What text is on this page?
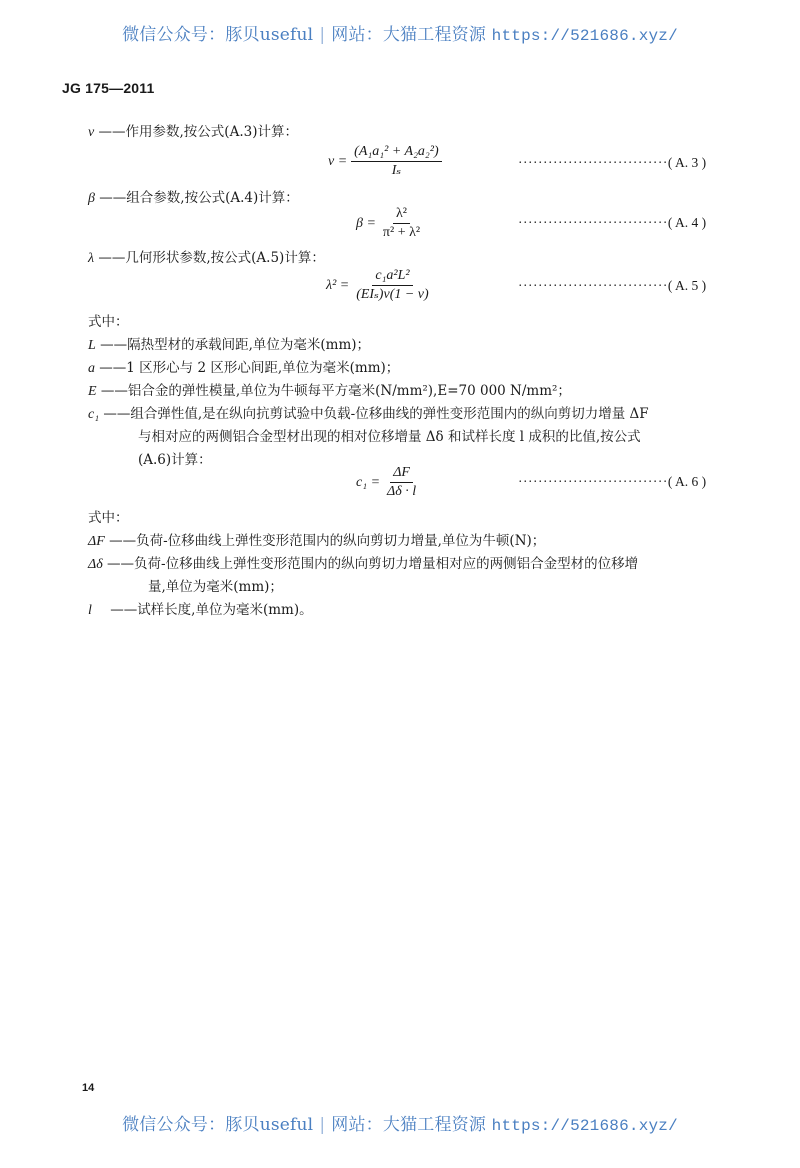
微信公众号：豚贝useful | 网站：大猫工程资源 https://521686.xyz/
JG 175—2011
v ——作用参数,按公式(A.3)计算：
$v = \frac{\text{(A₁a₁² + A₂a₂²)}}{\text{Iₛ}}$	······························( A. 3 )
β ——组合参数,按公式(A.4)计算：
$\beta = \frac{\text{λ²}}{\text{π² + λ²}}$	······························( A. 4 )
λ ——几何形状参数,按公式(A.5)计算：
$\lambda^2 = \frac{\text{c₁a²L²}}{\text{(EIₛ)v(1 − v)}}$	······························( A. 5 )
式中：
L ——隔热型材的承载间距,单位为毫米(mm)；
a ——1 区形心与 2 区形心间距,单位为毫米(mm)；
E ——铝合金的弹性模量,单位为牛顿每平方毫米(N/mm²),E=70 000 N/mm²；
c₁ ——组合弹性值,是在纵向抗剪试验中负载-位移曲线的弹性变形范围内的纵向剪切力增量 ΔF
与相对应的两侧铝合金型材出现的相对位移增量 Δδ 和试样长度 l 成积的比值,按公式
(A.6)计算：
$c_1 = \frac{\Delta F}{\Delta\delta \cdot l}$	······························( A. 6 )
式中：
ΔF ——负荷-位移曲线上弹性变形范围内的纵向剪切力增量,单位为牛顿(N)；
Δδ ——负荷-位移曲线上弹性变形范围内的纵向剪切力增量相对应的两侧铝合金型材的位移增
量,单位为毫米(mm)；
l ——试样长度,单位为毫米(mm)。
14
微信公众号：豚贝useful | 网站：大猫工程资源 https://521686.xyz/
